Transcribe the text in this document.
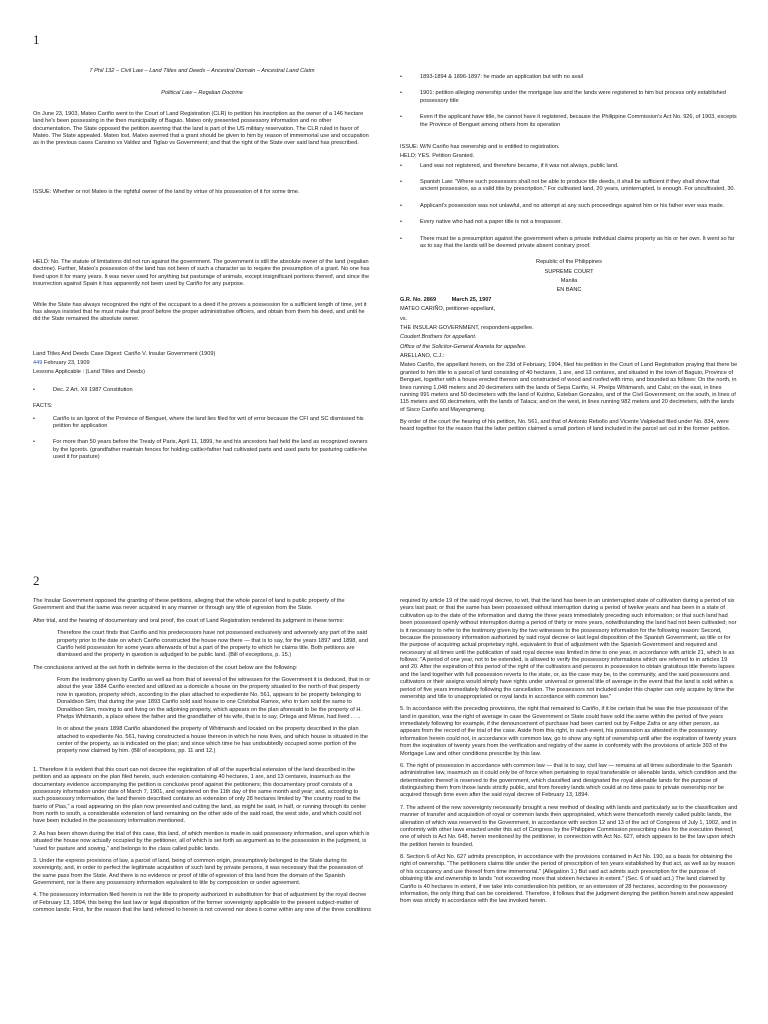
1

7 Phil 132 – Civil Law – Land Titles and Deeds – Ancestral Domain – Ancestral Land Claim

Political Law – Regalian Doctrine

On June 23, 1903, Mateo Cariño went to the Court of Land Registration (CLR) to petition his inscription as the owner of a 146 hectare land he's been possessing in the then municipality of Baguio. Mateo only presented possessory information and no other documentation. The State opposed the petition averring that the land is part of the US military reservation. The CLR ruled in favor of Mateo. The State appealed. Mateo lost. Mateo averred that a grant should be given to him by reason of immemorial use and occupation as in the previous cases Cansino vs Valdez and Tiglao vs Government; and that the right of the State over said land has prescribed.

ISSUE: Whether or not Mateo is the rightful owner of the land by virtue of his possession of it for some time.

HELD: No. The statute of limitations did not run against the government. The government is still the absolute owner of the land (regalian doctrine). Further, Mateo's possession of the land has not been of such a character as to require the presumption of a grant. No one has lived upon it for many years. It was never used for anything but pasturage of animals, except insignificant portions thereof, and since the insurrection against Spain it has apparently not been used by Cariño for any purpose.

While the State has always recognized the right of the occupant to a deed if he proves a possession for a sufficient length of time, yet it has always insisted that he must make that proof before the proper administrative officers, and obtain from them his deed, and until he did the State remained the absolute owner.

Land Titles And Deeds Case Digest: Cariño V. Insular Government (1909)

449 February 23, 1909

Lessons Applicable : (Land Titles and Deeds)

• Dec. 2 Art. XII 1987 Constitution

FACTS:

• Cariño is an Igorot of the Province of Benguet, where the land lies filed for writ of error because the CFI and SC dismissed his petition for application

• For more than 50 years before the Treaty of Paris, April 11, 1899, he and his ancestors had held the land as recognized owners by the Igorots. (grandfather maintain fences for holding cattle>father had cultivated parts and used parts for pasturing cattle>he used it for pasture)

• 1893-1894 & 1896-1897: he made an application but with no avail

• 1901: petition alleging ownership under the mortgage law and the lands were registered to him but process only established possessory title

• Even if the applicant have title, he cannot have it registered, because the Philippine Commission's Act No. 926, of 1903, excepts the Province of Benguet among others from its operation

ISSUE: W/N Cariño has ownership and is entitled to registration.

HELD: YES. Petition Granted.

• Land was not registered, and therefore became, if it was not always, public land.

• Spanish Law: "Where such possessors shall not be able to produce title deeds, it shall be sufficient if they shall show that ancient possession, as a valid title by prescription." For cultivated land, 20 years, uninterrupted, is enough. For uncultivated, 30.

• Applicant's possession was not unlawful, and no attempt at any such proceedings against him or his father ever was made.

• Every native who had not a paper title is not a trespasser.

• There must be a presumption against the government when a private individual claims property as his or her own. It went so far as to say that the lands will be deemed private absent contrary proof.

Republic of the Philippines

SUPREME COURT

Manila

EN BANC

G.R. No. 2869	March 25, 1907

MATEO CARIÑO, petitioner-appellant,

vs.

THE INSULAR GOVERNMENT, respondent-appellee.

Coudert Brothers for appellant.

Office of the Solicitor-General Araneta for appellee.

ARELLANO, C.J.:

Mateo Cariño, the appellant herein, on the 23d of February, 1904, filed his petition in the Court of Land Registration praying that there be granted to him title to a parcel of land consisting of 40 hectares, 1 are, and 13 centares, and situated in the town of Baguio, Province of Benguet, together with a house erected thereon and constructed of wood and roofed with rimo, and bounded as follows: On the north, in lines running 1,048 meters and 20 decimeters with the lands of Sepa Cariño, H. Phelps Whitmarsh, and Calsi; on the east, in lines running 991 meters and 50 decimeters with the land of Kuidno, Esteban Gonzales, and of the Civil Government; on the south, in lines of 115 meters and 60 decimeters, with the lands of Talaca; and on the west, in lines running 982 meters and 20 decimeters, with the lands of Sisco Cariño and Mayengmeng.

By order of the court the hearing of his petition, No. 561, and that of Antonio Rebollo and Vicente Valpiedad filed under No. 834, were heard together for the reason that the latter petition claimed a small portion of land included in the parcel set out in the former petition.

2

The Insular Government opposed the granting of these petitions, alleging that the whole parcel of land is public property of the Government and that the same was never acquired in any manner or through any title of egresion from the State.

After trial, and the hearing of documentary and oral proof, the court of Land Registration rendered its judgment in these terms:

Therefore the court finds that Cariño and his predecessors have not possessed exclusively and adversely any part of the said property prior to the date on which Cariño constructed the house now there — that is to say, for the years 1897 and 1898, and Cariño held possession for some years afterwards of but a part of the property to which he claims title. Both petitions are dismissed and the property in question is adjudged to be public land. (Bill of exceptions, p. 15.)

The conclusions arrived at the set forth in definite terms in the decision of the court below are the following:

From the testimony given by Cariño as well as from that of several of the witnesses for the Government it is deduced, that in or about the year 1884 Cariño erected and utilized as a domicile a house on the property situated to the north of that property now in question, property which, according to the plan attached to expediente No. 561, appears to be property belonging to Donaldson Sim; that during the year 1893 Cariño sold said house to one Cristobal Ramos, who in turn sold the same to Donaldson Sim, moving to and living on the adjoining property, which appears on the plan aforesaid to be the property of H. Phelps Whitmarsh, a place where the father and the grandfather of his wife, that is to say, Ortega and Minse, had lived . . ..

In or about the years 1898 Cariño abandoned the property of Whitmarsh and located on the property described in the plan attached to expediente No. 561, having constructed a house thereon in which he now lives, and which house is situated in the center of the property, as is indicated on the plan; and since which time he has undoubtedly occupied some portion of the property now claimed by him. (Bill of exceptions, pp. 11 and 12.)

1. Therefore it is evident that this court can not decree the registration of all of the superficial extension of the land described in the petition and as appears on the plan filed herein, such extension containing 40 hectares, 1 are, and 13 centares, inasmuch as the documentary evidence accompanying the petition is conclusive proof against the petitioners; this documentary proof consists of a possessory information under date of March 7, 1901, and registered on the 11th day of the same month and year; and, according to such possessory information, the land therein described contains an extension of only 28 hectares limited by "the country road to the barrio of Pias," a road appearing on the plan now presented and cutting the land, as might be said, in half, or running through its center from north to south, a considerable extension of land remaining on the other side of the said road, the west side, and which could not have been included in the possessory information mentioned.

2. As has been shown during the trial of this case, this land, of which mention is made in said possessory information, and upon which is situated the house now actually occupied by the petitioner, all of which is set forth as argument as to the possession in the judgment, is "used for pasture and sowing," and belongs to the class called public lands.

3. Under the express provisions of law, a parcel of land, being of common origin, presumptively belonged to the State during its sovereignty, and, in order to perfect the legitimate acquisition of such land by private persons, it was necessary that the possession of the same pass from the State. And there is no evidence or proof of title of egresion of this land from the domain of the Spanish Government, nor is there any possessory information equivalent to title by composicion or under agreement.

4. The possessory information filed herein is not the title to property authorized in substitution for that of adjustment by the royal decree of February 13, 1894, this being the last law or legal disposition of the former sovereignty applicable to the present subject-matter of common lands: First, for the reason that the land referred to herein is not covered nor does it come within any one of the three conditions

required by article 19 of the said royal decree, to wit, that the land has been in an uninterrupted state of cultivation during a period of six years last past; or that the same has been possessed without interruption during a period of twelve years and has been in a state of cultivation up to the date of the information and during the three years immediately preceding such information; or that such land had been possessed openly without interruption during a period of thirty or more years, notwithstanding the land had not been cultivated; nor is it necessary to refer to the testimony given by the two witnesses to the possessory information for the following reason: Second, because the possessory information authorized by said royal decree or last legal disposition of the Spanish Government, as title or for the purpose of acquiring actual proprietary right, equivalent to that of adjustment with the Spanish Government and required and necessary at all times until the publication of said royal decree was limited in time to one year, in accordance with article 21, which is as follows: "A period of one year, not to be extended, is allowed to verify the possessory informations which are referred to in articles 19 and 20. After the expiration of this period of the right of the cultivators and persons in possession to obtain gratuitous title thereto lapses and the land together with full possession reverts to the state, or, as the case may be, to the community, and the said possessors and cultivators or their assigns would simply have rights under universal or general title of average in the event that the land is sold within a period of five years immediately following the cancellation. The possessors not included under this chapter can only acquire by time the ownership and title to unappropriated or royal lands in accordance with common law."

5. In accordance with the preceding provisions, the right that remained to Cariño, if it be certain that he was the true possessor of the land in question, was the right of average in case the Government or State could have sold the same within the period of five years immediately following for example, if the denouncement of purchase had been carried out by Felipe Zafra or any other person, as appears from the record of the trial of the case. Aside from this right, in such event, his possession as attested in the possessory information herein could not, in accordance with common law, go to show any right of ownership until after the expiration of twenty years from the expiration of twenty years from the verification and registry of the same in conformity with the provisions of article 393 of the Mortgage Law and other conditions prescribe by this law.

6. The right of possession in accordance with common law — that is to say, civil law — remains at all times subordinate to the Spanish administrative law, inasmuch as it could only be of force when pertaining to royal transferable or alienable lands, which condition and the determination thereof is reserved to the government, which classified and designated the royal alienable lands for the purpose of distinguishing them from those lands strictly public, and from forestry lands which could at no time pass to private ownership nor be acquired through time even after the said royal decree of February 13, 1894.

7. The advent of the new sovereignty necessarily brought a new method of dealing with lands and particularly as to the classification and manner of transfer and acquisition of royal or common lands then appropriated, which were thenceforth merely called public lands, the alienation of which was reserved to the Government, in accordance with section 12 and 13 of the act of Congress of July 1, 1902, and in conformity with other laws enacted under this act of Congress by the Philippine Commission prescribing rules for the execution thereof, one of which is Act No. 648, herein mentioned by the petitioner, in connection with Act No. 627, which appears to be the law upon which the petition herein is founded.

8. Section 6 of Act No. 627 admits prescription, in accordance with the provisions contained in Act No. 190, as a basis for obtaining the right of ownership. "The petitioners claims title under the period of prescription of ten years established by that act, as well as by reason of his occupancy and use thereof from time immemorial." (Allegation 1.) But said act admits such prescription for the purpose of obtaining title and ownership to lands "not exceeding more that sixteen hectares in extent." (Sec. 6 of said act.) The land claimed by Cariño is 40 hectares in extent, if we take into consideration his petition, or an extension of 28 hectares, according to the possessory information, the only thing that can be considered. Therefore, it follows that the judgment denying the petition herein and now appealed from was strictly in accordance with the law invoked herein.
